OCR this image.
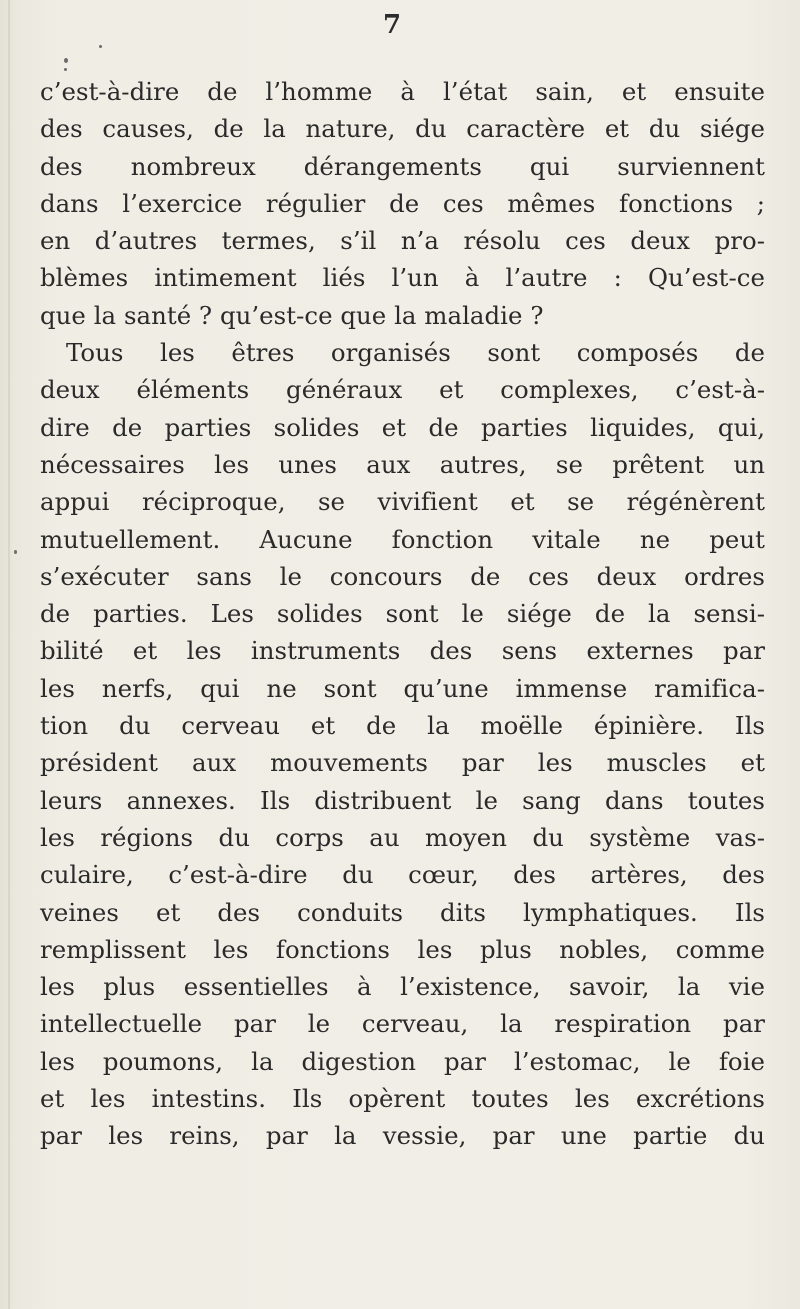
7
c’est-à-dire de l’homme à l’état sain, et ensuite
des causes, de la nature, du caractère et du siége
des nombreux dérangements qui surviennent
dans l’exercice régulier de ces mêmes fonctions ;
en d’autres termes, s’il n’a résolu ces deux pro-
blèmes intimement liés l’un à l’autre : Qu’est-ce
que la santé ? qu’est-ce que la maladie ?
Tous les êtres organisés sont composés de
deux éléments généraux et complexes, c’est-à-
dire de parties solides et de parties liquides, qui,
nécessaires les unes aux autres, se prêtent un
appui réciproque, se vivifient et se régénèrent
mutuellement. Aucune fonction vitale ne peut
s’exécuter sans le concours de ces deux ordres
de parties. Les solides sont le siége de la sensi-
bilité et les instruments des sens externes par
les nerfs, qui ne sont qu’une immense ramifica-
tion du cerveau et de la moëlle épinière. Ils
président aux mouvements par les muscles et
leurs annexes. Ils distribuent le sang dans toutes
les régions du corps au moyen du système vas-
culaire, c’est-à-dire du cœur, des artères, des
veines et des conduits dits lymphatiques. Ils
remplissent les fonctions les plus nobles, comme
les plus essentielles à l’existence, savoir, la vie
intellectuelle par le cerveau, la respiration par
les poumons, la digestion par l’estomac, le foie
et les intestins. Ils opèrent toutes les excrétions
par les reins, par la vessie, par une partie du
